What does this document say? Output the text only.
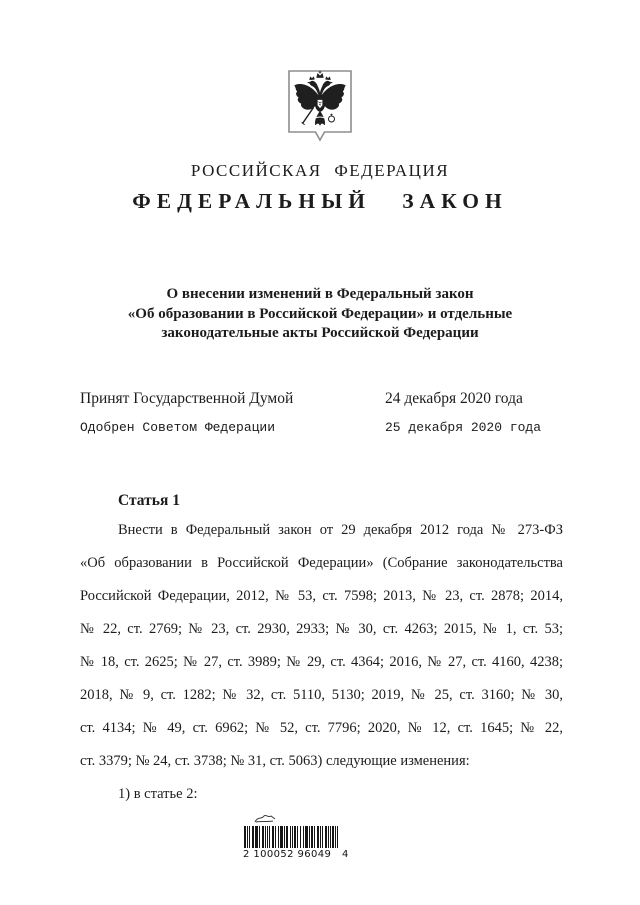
РОССИЙСКАЯ ФЕДЕРАЦИЯ
ФЕДЕРАЛЬНЫЙ ЗАКОН
О внесении изменений в Федеральный закон
«Об образовании в Российской Федерации» и отдельные
законодательные акты Российской Федерации
Принят Государственной Думой	24 декабря 2020 года
Одобрен Советом Федерации	25 декабря 2020 года
Статья 1
Внести в Федеральный закон от 29 декабря 2012 года № 273-ФЗ
«Об образовании в Российской Федерации» (Собрание законодательства
Российской Федерации, 2012, № 53, ст. 7598; 2013, № 23, ст. 2878; 2014,
№ 22, ст. 2769; № 23, ст. 2930, 2933; № 30, ст. 4263; 2015, № 1, ст. 53;
№ 18, ст. 2625; № 27, ст. 3989; № 29, ст. 4364; 2016, № 27, ст. 4160, 4238;
2018, № 9, ст. 1282; № 32, ст. 5110, 5130; 2019, № 25, ст. 3160; № 30,
ст. 4134; № 49, ст. 6962; № 52, ст. 7796; 2020, № 12, ст. 1645; № 22,
ст. 3379; № 24, ст. 3738; № 31, ст. 5063) следующие изменения:
1) в статье 2:
2 100052 96049   4
